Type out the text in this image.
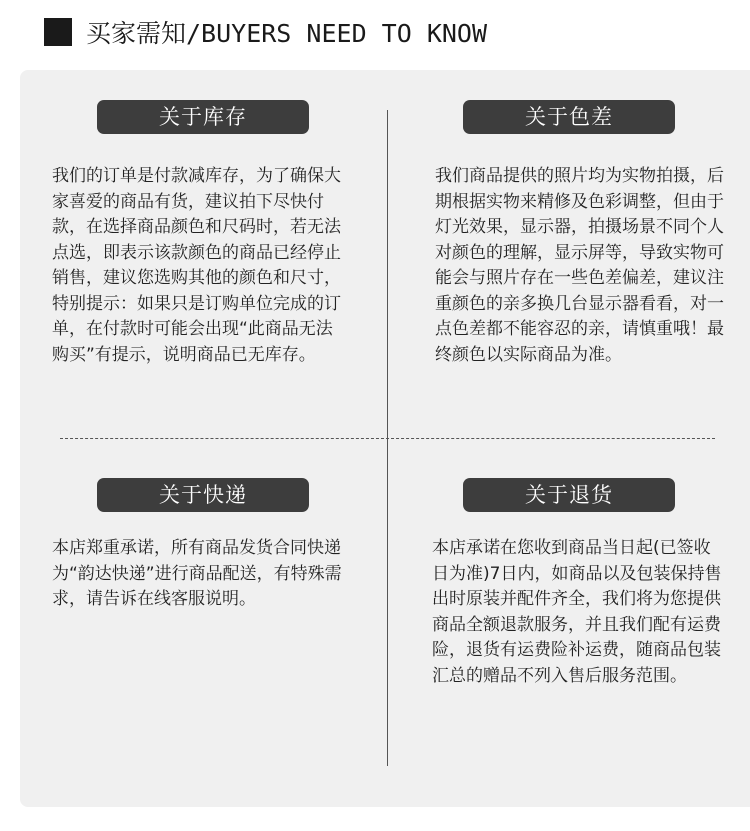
买家需知/BUYERS NEED TO KNOW
关于库存
我们的订单是付款减库存，为了确保大家喜爱的商品有货，建议拍下尽快付款，在选择商品颜色和尺码时，若无法点选，即表示该款颜色的商品已经停止销售，建议您选购其他的颜色和尺寸，特别提示：如果只是订购单位完成的订单，在付款时可能会出现“此商品无法购买”有提示，说明商品已无库存。
关于色差
我们商品提供的照片均为实物拍摄，后期根据实物来精修及色彩调整，但由于灯光效果，显示器，拍摄场景不同个人对颜色的理解，显示屏等，导致实物可能会与照片存在一些色差偏差，建议注重颜色的亲多换几台显示器看看，对一点色差都不能容忍的亲，请慎重哦！最终颜色以实际商品为准。
关于快递
本店郑重承诺，所有商品发货合同快递为“韵达快递”进行商品配送，有特殊需求，请告诉在线客服说明。
关于退货
本店承诺在您收到商品当日起(已签收日为准)7日内，如商品以及包装保持售出时原装并配件齐全，我们将为您提供商品全额退款服务，并且我们配有运费险，退货有运费险补运费，随商品包装汇总的赠品不列入售后服务范围。
